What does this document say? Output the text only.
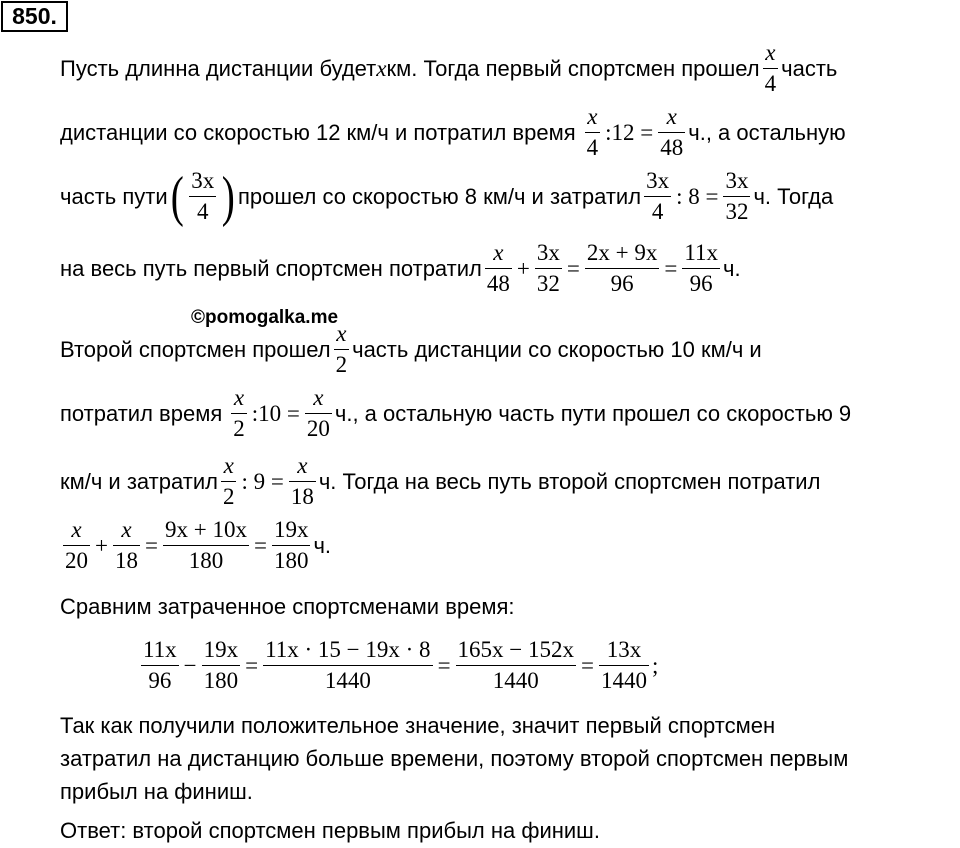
850.
Пусть длинна дистанции будет x км. Тогда первый спортсмен прошел $\frac{x}{4}$ часть
дистанции со скоростью 12 км/ч и потратил время $\frac{x}{4}$ :12 = $\frac{x}{48} ч$., а остальную
часть пути ( $\frac{3x}{4}$ ) прошел со скоростью 8 км/ч и затратил $\frac{3x}{4}$ : $8 = \frac{3x}{32} ч$. Тогда
на весь путь первый спортсмен потратил $\frac{x}{48} + \frac{3x}{32} = \frac{2x + 9x}{96} = \frac{11x}{96} ч$.
©pomogalka.me
Второй спортсмен прошел $\frac{x}{2}$ часть дистанции со скоростью 10 км/ч и
потратил время $\frac{x}{2}$ :10 = $\frac{x}{20} ч$., а остальную часть пути прошел со скоростью 9
км/ч и затратил $\frac{x}{2}$ : $9 = \frac{x}{18} ч$. Тогда на весь путь второй спортсмен потратил
$\frac{x}{20} + \frac{x}{18} = \frac{9x + 10x}{180} = \frac{19x}{180} ч$.
Сравним затраченное спортсменами время:
$\frac{11x}{96} - \frac{19x}{180} = \frac{11x \cdot 15 - 19x \cdot 8}{1440} = \frac{165x - 152x}{1440} = \frac{13x}{1440}$ ;
Так как получили положительное значение, значит первый спортсмен
затратил на дистанцию больше времени, поэтому второй спортсмен первым
прибыл на финиш.
Ответ: второй спортсмен первым прибыл на финиш.
